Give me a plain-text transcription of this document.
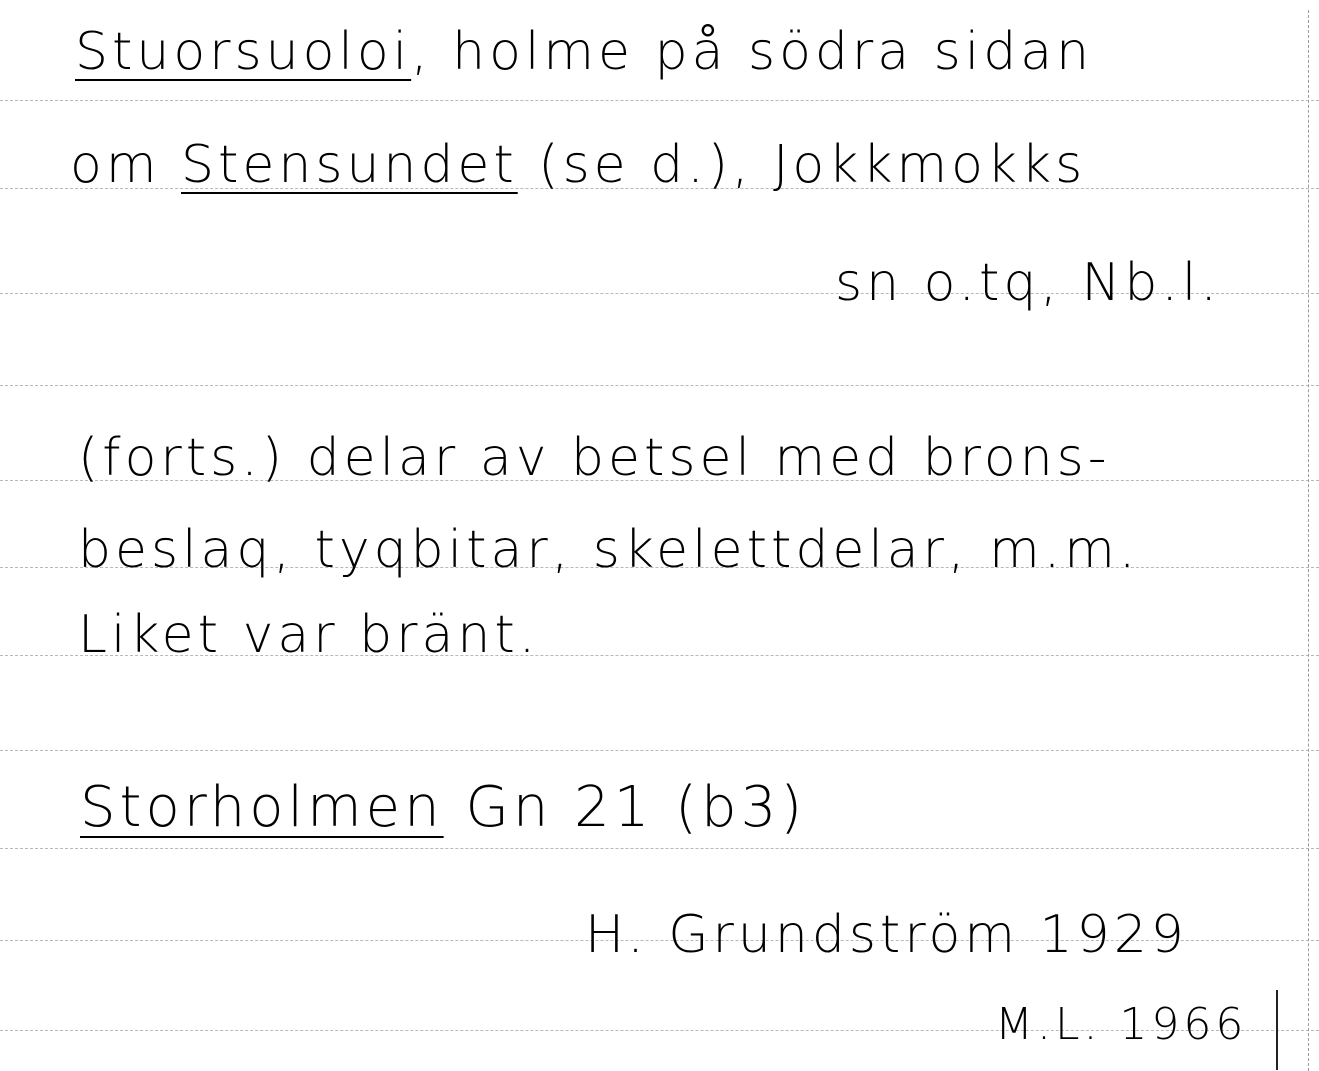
Stuorsuoloi, holme på södra sidan
om Stensundet (se d.), Jokkmokks
sn o.tq, Nb.l.
(forts.) delar av betsel med brons-
beslaq, tyqbitar, skelettdelar, m.m.
Liket var bränt.
Storholmen Gn 21 (b3)
H. Grundström 1929
M.L. 1966
